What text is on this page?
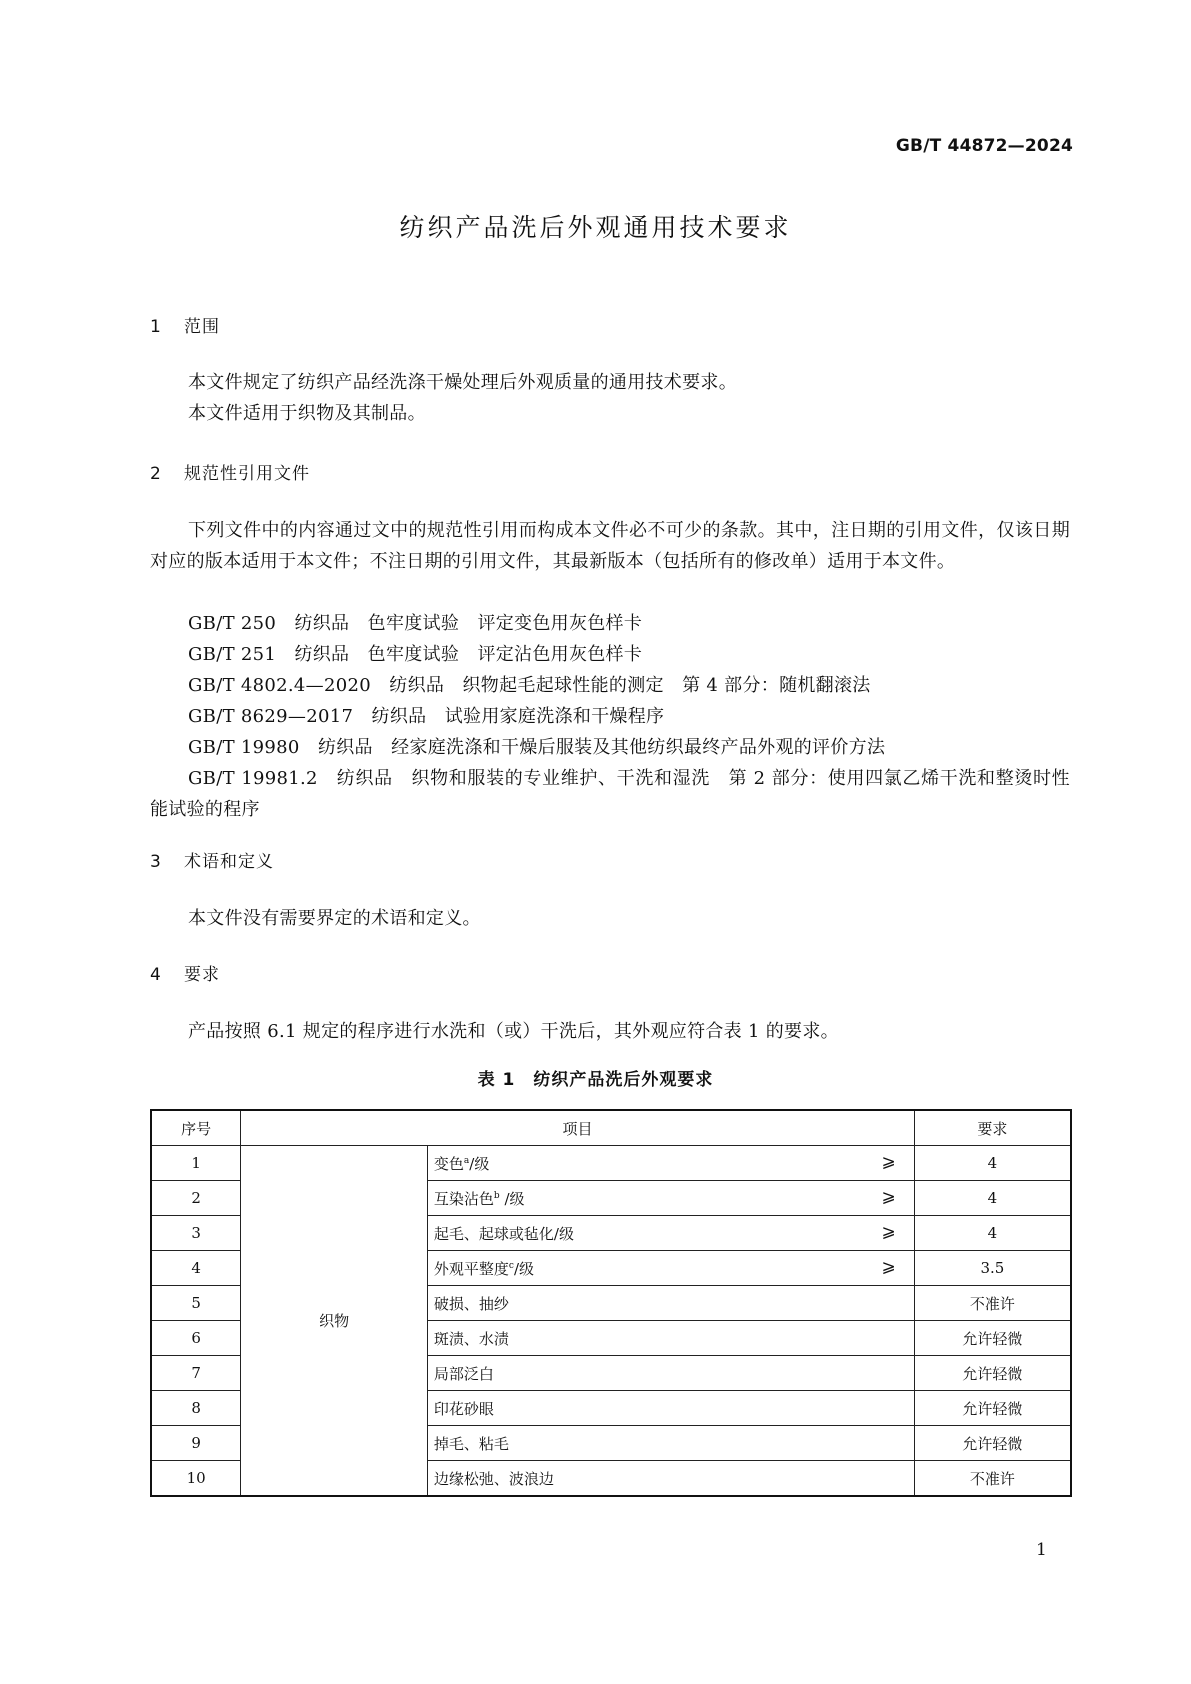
GB/T 44872—2024
纺织产品洗后外观通用技术要求
1 范围
本文件规定了纺织产品经洗涤干燥处理后外观质量的通用技术要求。
本文件适用于织物及其制品。
2 规范性引用文件
下列文件中的内容通过文中的规范性引用而构成本文件必不可少的条款。其中，注日期的引用文件，仅该日期对应的版本适用于本文件；不注日期的引用文件，其最新版本（包括所有的修改单）适用于本文件。
GB/T 250　纺织品　色牢度试验　评定变色用灰色样卡
GB/T 251　纺织品　色牢度试验　评定沾色用灰色样卡
GB/T 4802.4—2020　纺织品　织物起毛起球性能的测定　第 4 部分：随机翻滚法
GB/T 8629—2017　纺织品　试验用家庭洗涤和干燥程序
GB/T 19980　纺织品　经家庭洗涤和干燥后服装及其他纺织最终产品外观的评价方法
GB/T 19981.2　纺织品　织物和服装的专业维护、干洗和湿洗　第 2 部分：使用四氯乙烯干洗和整烫时性能试验的程序
3 术语和定义
本文件没有需要界定的术语和定义。
4 要求
产品按照 6.1 规定的程序进行水洗和（或）干洗后，其外观应符合表 1 的要求。
表 1　纺织产品洗后外观要求
序号	项目		要求
1	织物	变色$^a$/级 ⩾	4
2		互染沾色$^b$ /级 ⩾	4
3		起毛、起球或毡化/级 ⩾	4
4		外观平整度$^c$/级 ⩾	3.5
5		破损、抽纱	不准许
6		斑渍、水渍	允许轻微
7		局部泛白	允许轻微
8		印花砂眼	允许轻微
9		掉毛、粘毛	允许轻微
10		边缘松弛、波浪边	不准许
1
